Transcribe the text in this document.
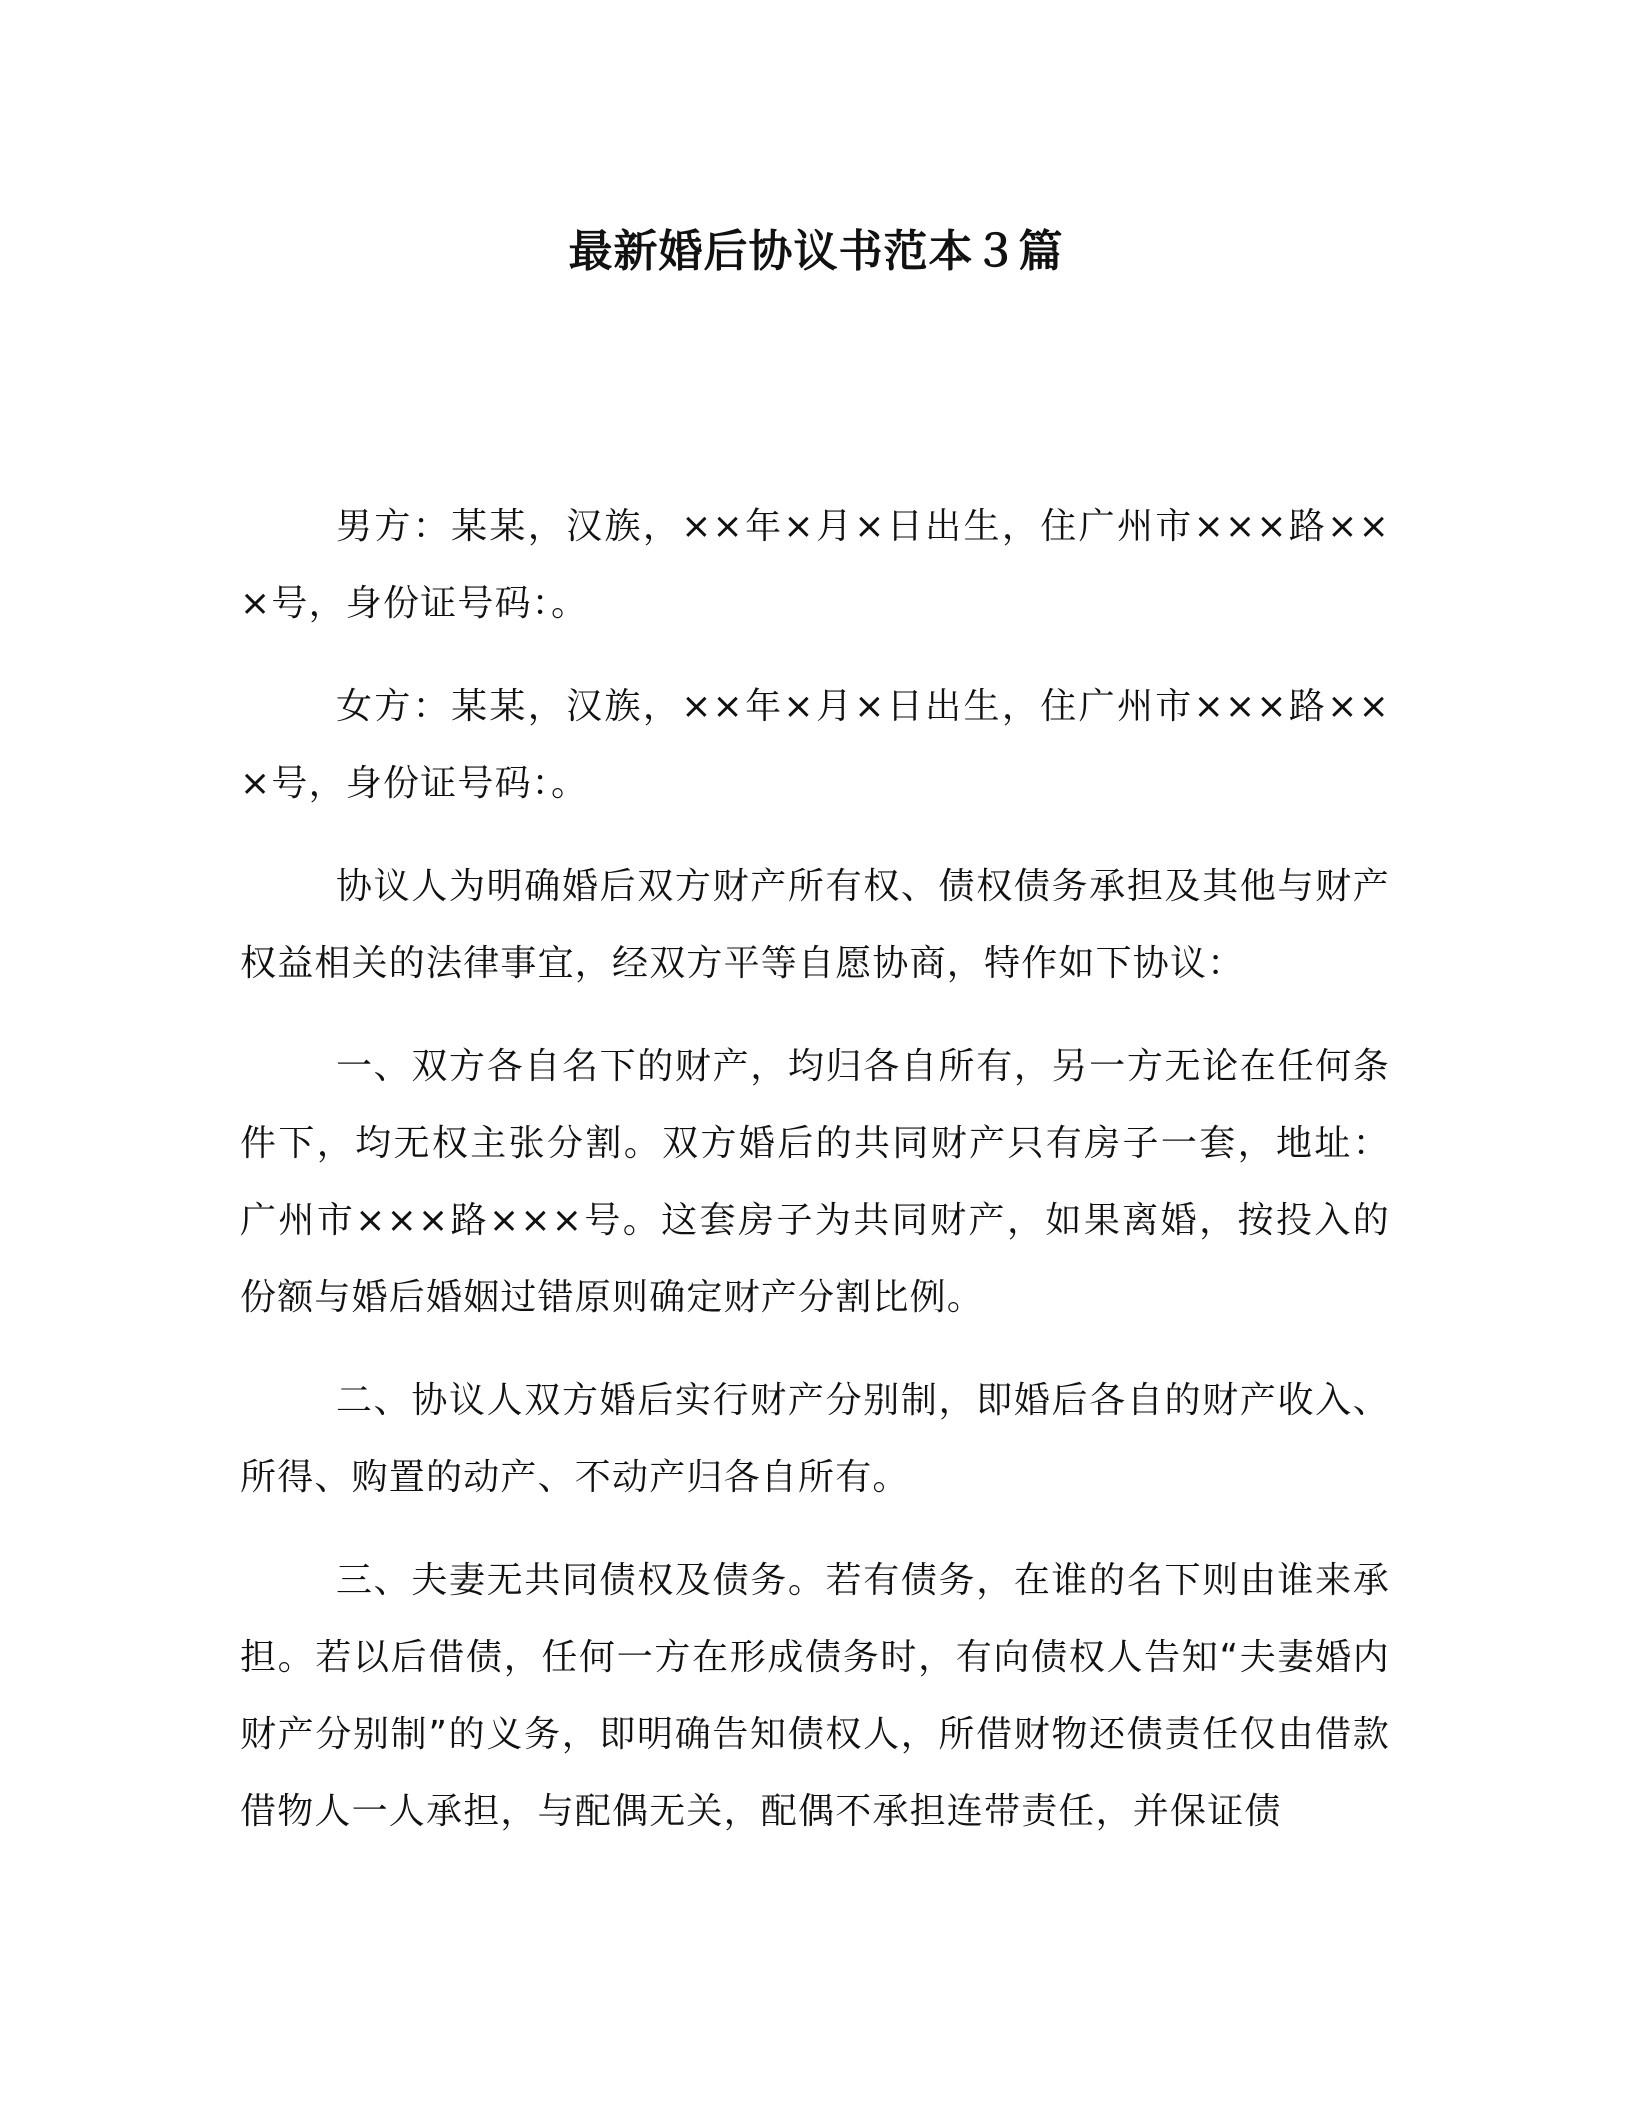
最新婚后协议书范本３篇

男方：某某，汉族，××年×月×日出生，住广州市×××路×××号，身份证号码：。

女方：某某，汉族，××年×月×日出生，住广州市×××路×××号，身份证号码：。

协议人为明确婚后双方财产所有权、债权债务承担及其他与财产权益相关的法律事宜，经双方平等自愿协商，特作如下协议：

一、双方各自名下的财产，均归各自所有，另一方无论在任何条件下，均无权主张分割。双方婚后的共同财产只有房子一套，地址：广州市×××路×××号。这套房子为共同财产，如果离婚，按投入的份额与婚后婚姻过错原则确定财产分割比例。

二、协议人双方婚后实行财产分别制，即婚后各自的财产收入、所得、购置的动产、不动产归各自所有。

三、夫妻无共同债权及债务。若有债务，在谁的名下则由谁来承担。若以后借债，任何一方在形成债务时，有向债权人告知“夫妻婚内财产分别制”的义务，即明确告知债权人，所借财物还债责任仅由借款借物人一人承担，与配偶无关，配偶不承担连带责任，并保证债
